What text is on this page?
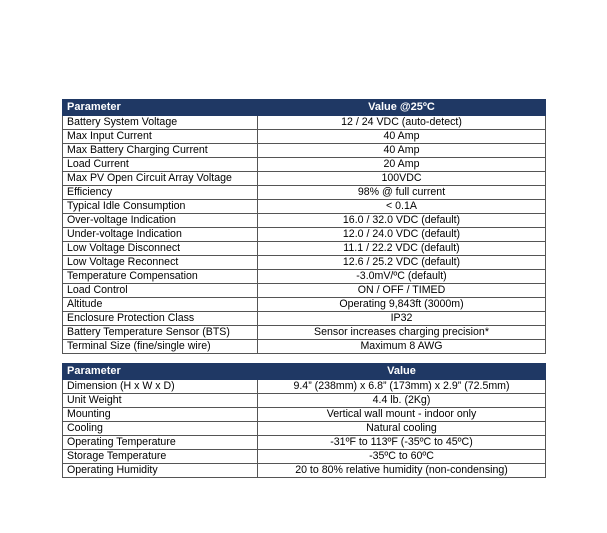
Parameter	Value @25ºC
Battery System Voltage	12 / 24 VDC (auto-detect)
Max Input Current	40 Amp
Max Battery Charging Current	40 Amp
Load Current	20 Amp
Max PV Open Circuit Array Voltage	100VDC
Efficiency	98% @ full current
Typical Idle Consumption	< 0.1A
Over-voltage Indication	16.0 / 32.0 VDC (default)
Under-voltage Indication	12.0 / 24.0 VDC (default)
Low Voltage Disconnect	11.1 / 22.2 VDC (default)
Low Voltage Reconnect	12.6 / 25.2 VDC (default)
Temperature Compensation	-3.0mV/ºC (default)
Load Control	ON / OFF / TIMED
Altitude	Operating 9,843ft (3000m)
Enclosure Protection Class	IP32
Battery Temperature Sensor (BTS)	Sensor increases charging precision*
Terminal Size (fine/single wire)	Maximum 8 AWG
Parameter	Value
Dimension (H x W x D)	9.4” (238mm) x 6.8” (173mm) x 2.9” (72.5mm)
Unit Weight	4.4 lb. (2Kg)
Mounting	Vertical wall mount - indoor only
Cooling	Natural cooling
Operating Temperature	-31ºF to 113ºF (-35ºC to 45ºC)
Storage Temperature	-35ºC to 60ºC
Operating Humidity	20 to 80% relative humidity (non-condensing)
